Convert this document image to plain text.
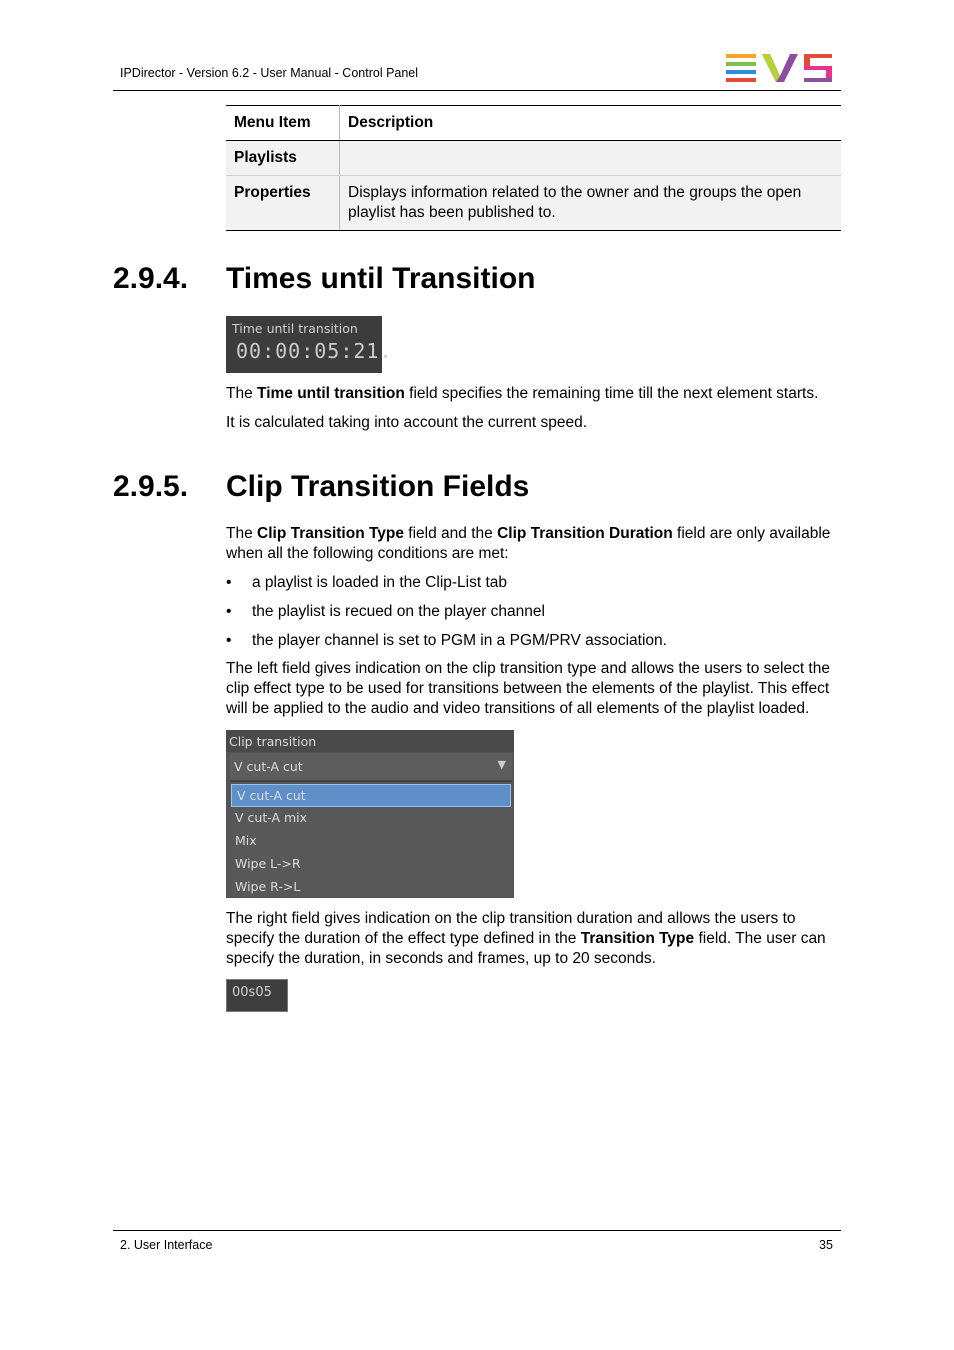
IPDirector - Version 6.2 - User Manual - Control Panel
Menu Item	Description
Playlists	
Properties	Displays information related to the owner and the groups the open playlist has been published to.
2.9.4. Times until Transition
Time until transition
00:00:05:21.

The Time until transition field specifies the remaining time till the next element starts.

It is calculated taking into account the current speed.

2.9.5. Clip Transition Fields

The Clip Transition Type field and the Clip Transition Duration field are only available when all the following conditions are met:

• a playlist is loaded in the Clip-List tab
• the playlist is recued on the player channel
• the player channel is set to PGM in a PGM/PRV association.

The left field gives indication on the clip transition type and allows the users to select the clip effect type to be used for transitions between the elements of the playlist. This effect will be applied to the audio and video transitions of all elements of the playlist loaded.

Clip transition
V cut-A cut	▼
V cut-A cut
V cut-A mix
Mix
Wipe L->R
Wipe R->L

The right field gives indication on the clip transition duration and allows the users to specify the duration of the effect type defined in the Transition Type field. The user can specify the duration, in seconds and frames, up to 20 seconds.

00s05
2. User Interface	35
